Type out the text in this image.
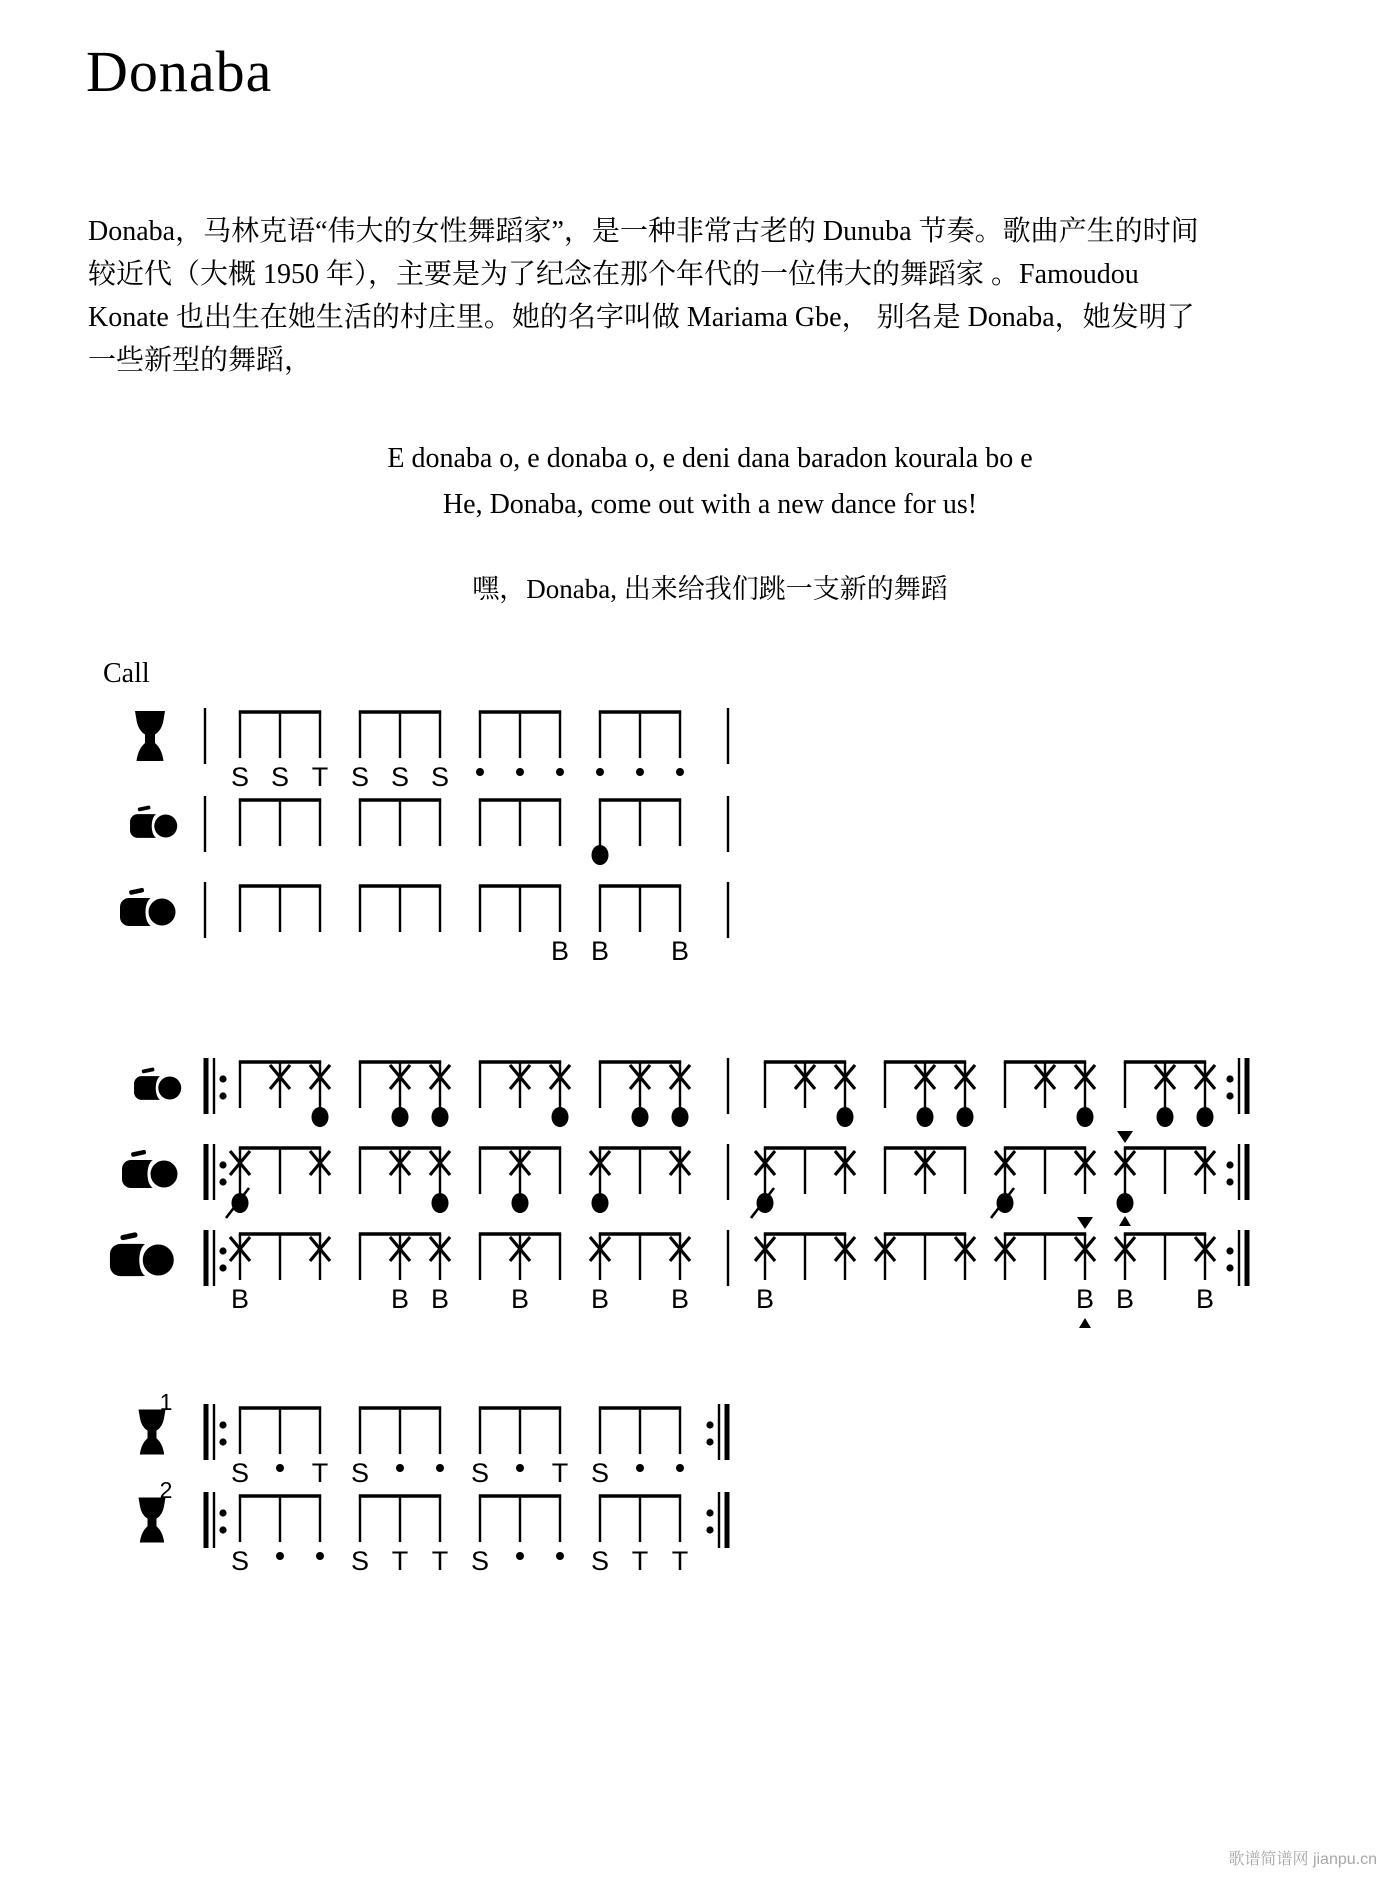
Donaba
Donaba，马林克语“伟大的女性舞蹈家”，是一种非常古老的 Dunuba 节奏。歌曲产生的时间
较近代（大概 1950 年），主要是为了纪念在那个年代的一位伟大的舞蹈家 。Famoudou
Konate 也出生在她生活的村庄里。她的名字叫做 Mariama Gbe， 别名是 Donaba，她发明了
一些新型的舞蹈，
E donaba o, e donaba o, e deni dana baradon kourala bo e
He, Donaba, come out with a new dance for us!
嘿，Donaba, 出来给我们跳一支新的舞蹈
Call
S S T S S S
B B B
B	B B B B B B	B B B
1
S T S	S T S
2
S	S T T S	S T T
歌谱简谱网 jianpu.cn
